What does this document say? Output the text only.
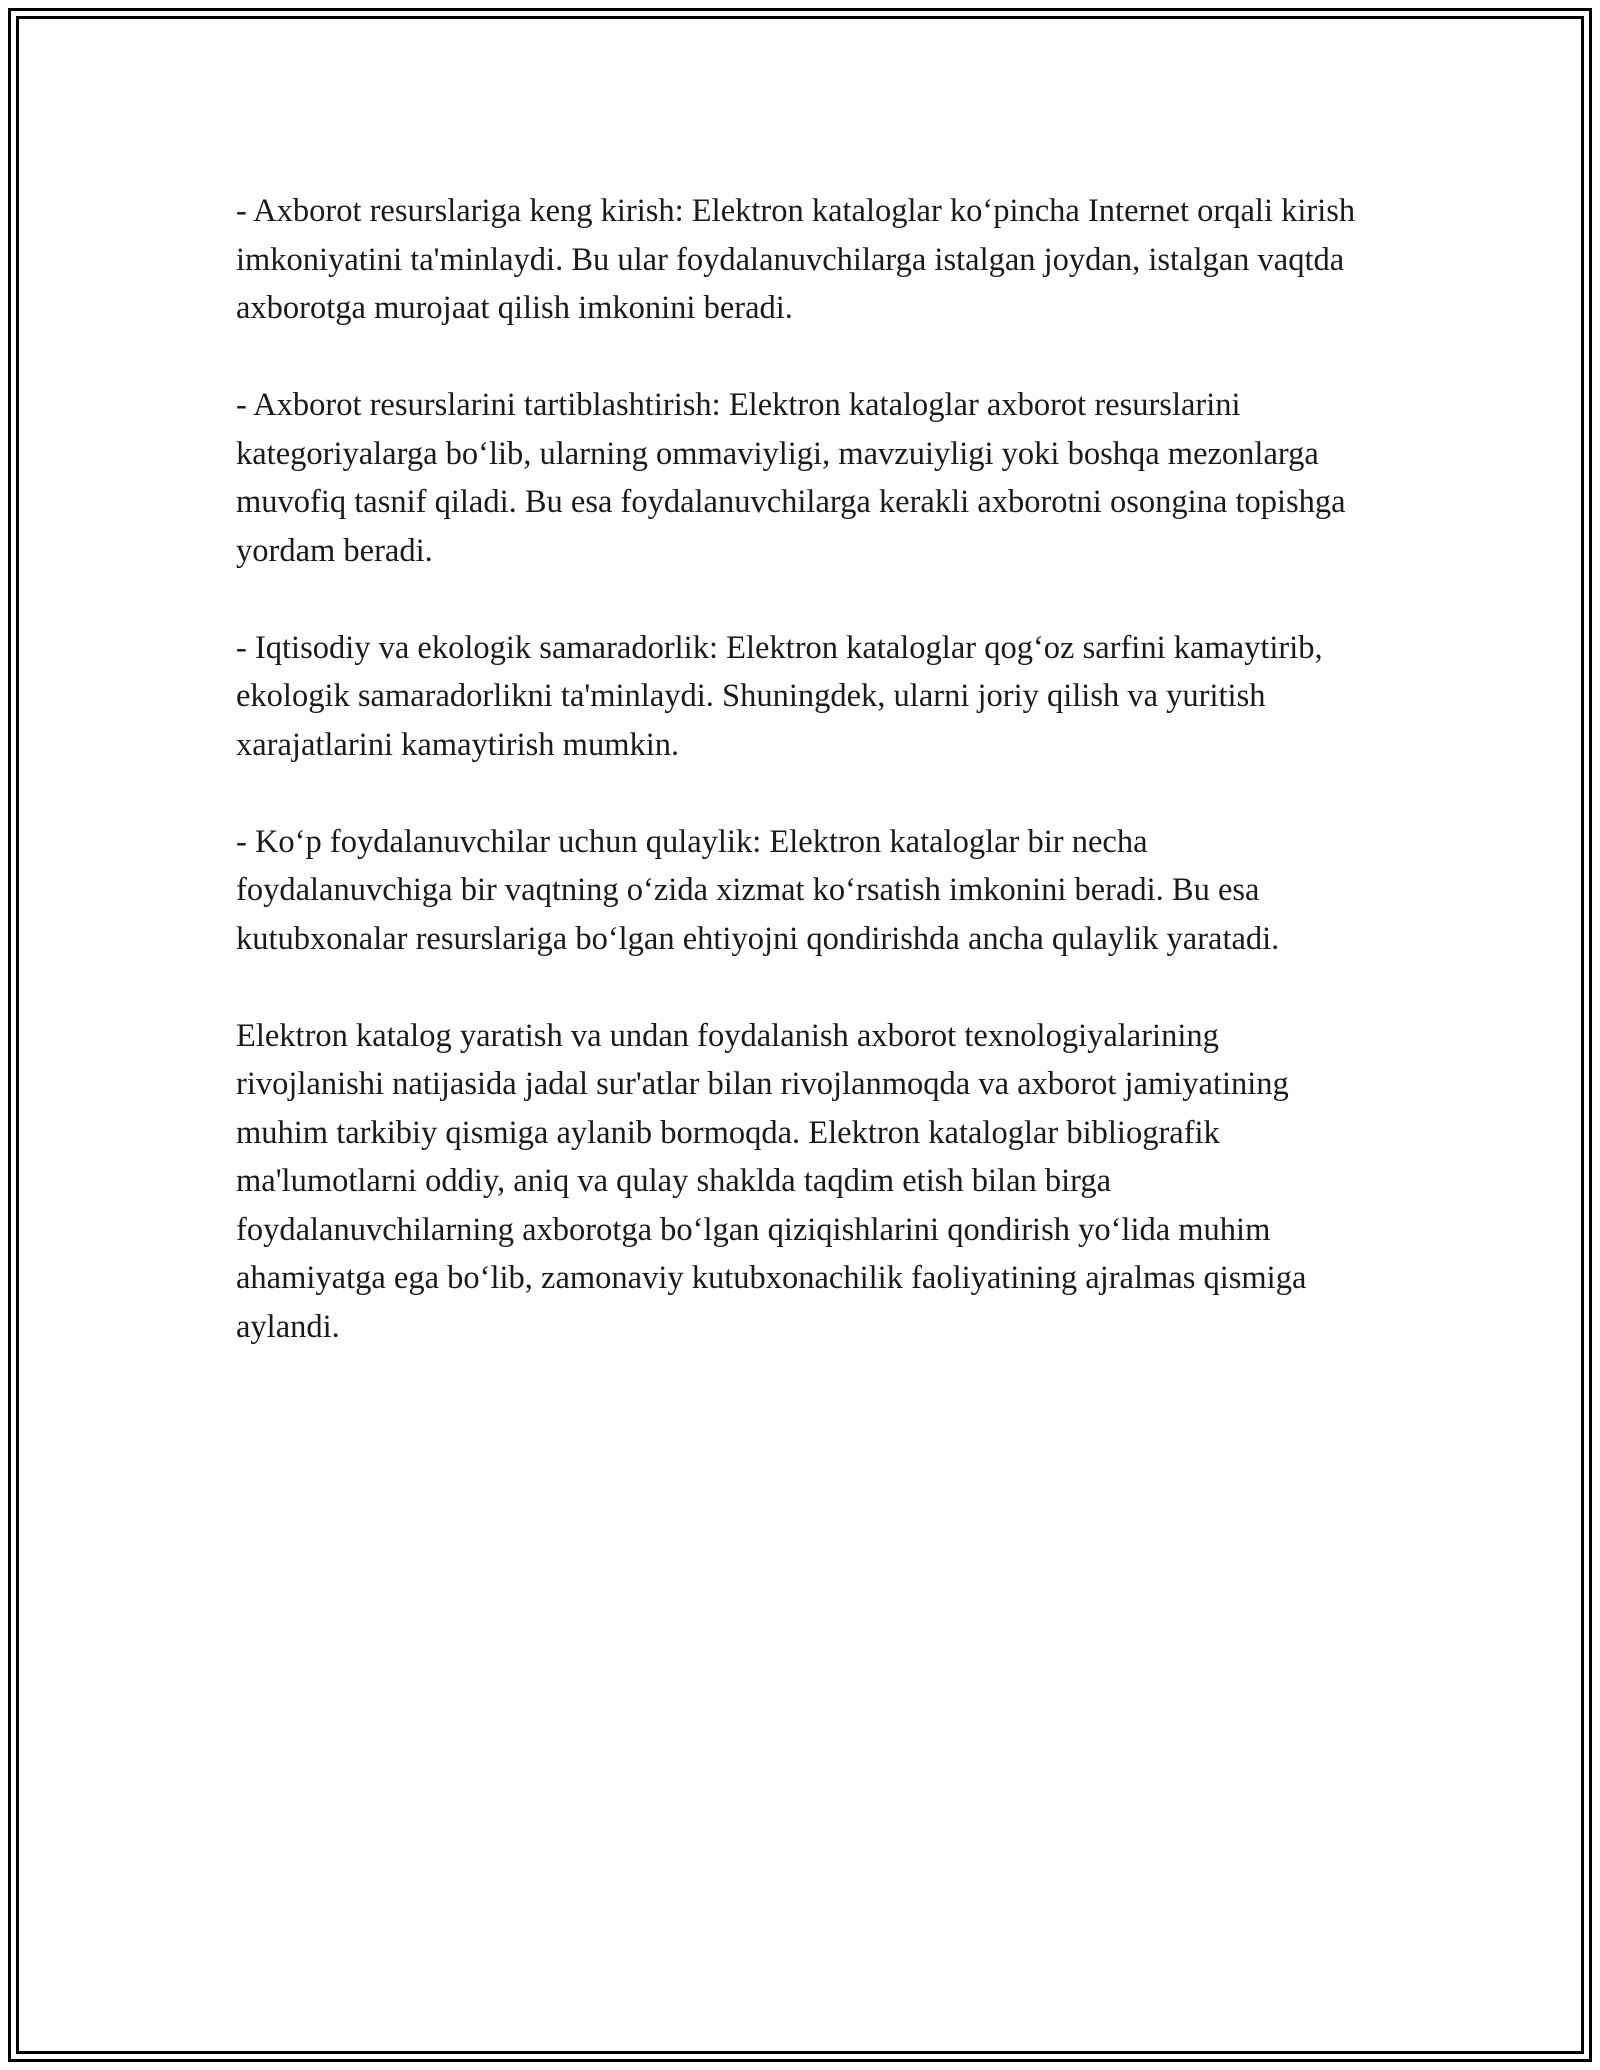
- Axborot resurslariga keng kirish: Elektron kataloglar ko‘pincha Internet orqali kirish imkoniyatini ta'minlaydi. Bu ular foydalanuvchilarga istalgan joydan, istalgan vaqtda axborotga murojaat qilish imkonini beradi.

- Axborot resurslarini tartiblashtirish: Elektron kataloglar axborot resurslarini kategoriyalarga bo‘lib, ularning ommaviyligi, mavzuiyligi yoki boshqa mezonlarga muvofiq tasnif qiladi. Bu esa foydalanuvchilarga kerakli axborotni osongina topishga yordam beradi.

- Iqtisodiy va ekologik samaradorlik: Elektron kataloglar qog‘oz sarfini kamaytirib, ekologik samaradorlikni ta'minlaydi. Shuningdek, ularni joriy qilish va yuritish xarajatlarini kamaytirish mumkin.

- Ko‘p foydalanuvchilar uchun qulaylik: Elektron kataloglar bir necha foydalanuvchiga bir vaqtning o‘zida xizmat ko‘rsatish imkonini beradi. Bu esa kutubxonalar resurslariga bo‘lgan ehtiyojni qondirishda ancha qulaylik yaratadi.

Elektron katalog yaratish va undan foydalanish axborot texnologiyalarining rivojlanishi natijasida jadal sur'atlar bilan rivojlanmoqda va axborot jamiyatining muhim tarkibiy qismiga aylanib bormoqda. Elektron kataloglar bibliografik ma'lumotlarni oddiy, aniq va qulay shaklda taqdim etish bilan birga foydalanuvchilarning axborotga bo‘lgan qiziqishlarini qondirish yo‘lida muhim ahamiyatga ega bo‘lib, zamonaviy kutubxonachilik faoliyatining ajralmas qismiga aylandi.
